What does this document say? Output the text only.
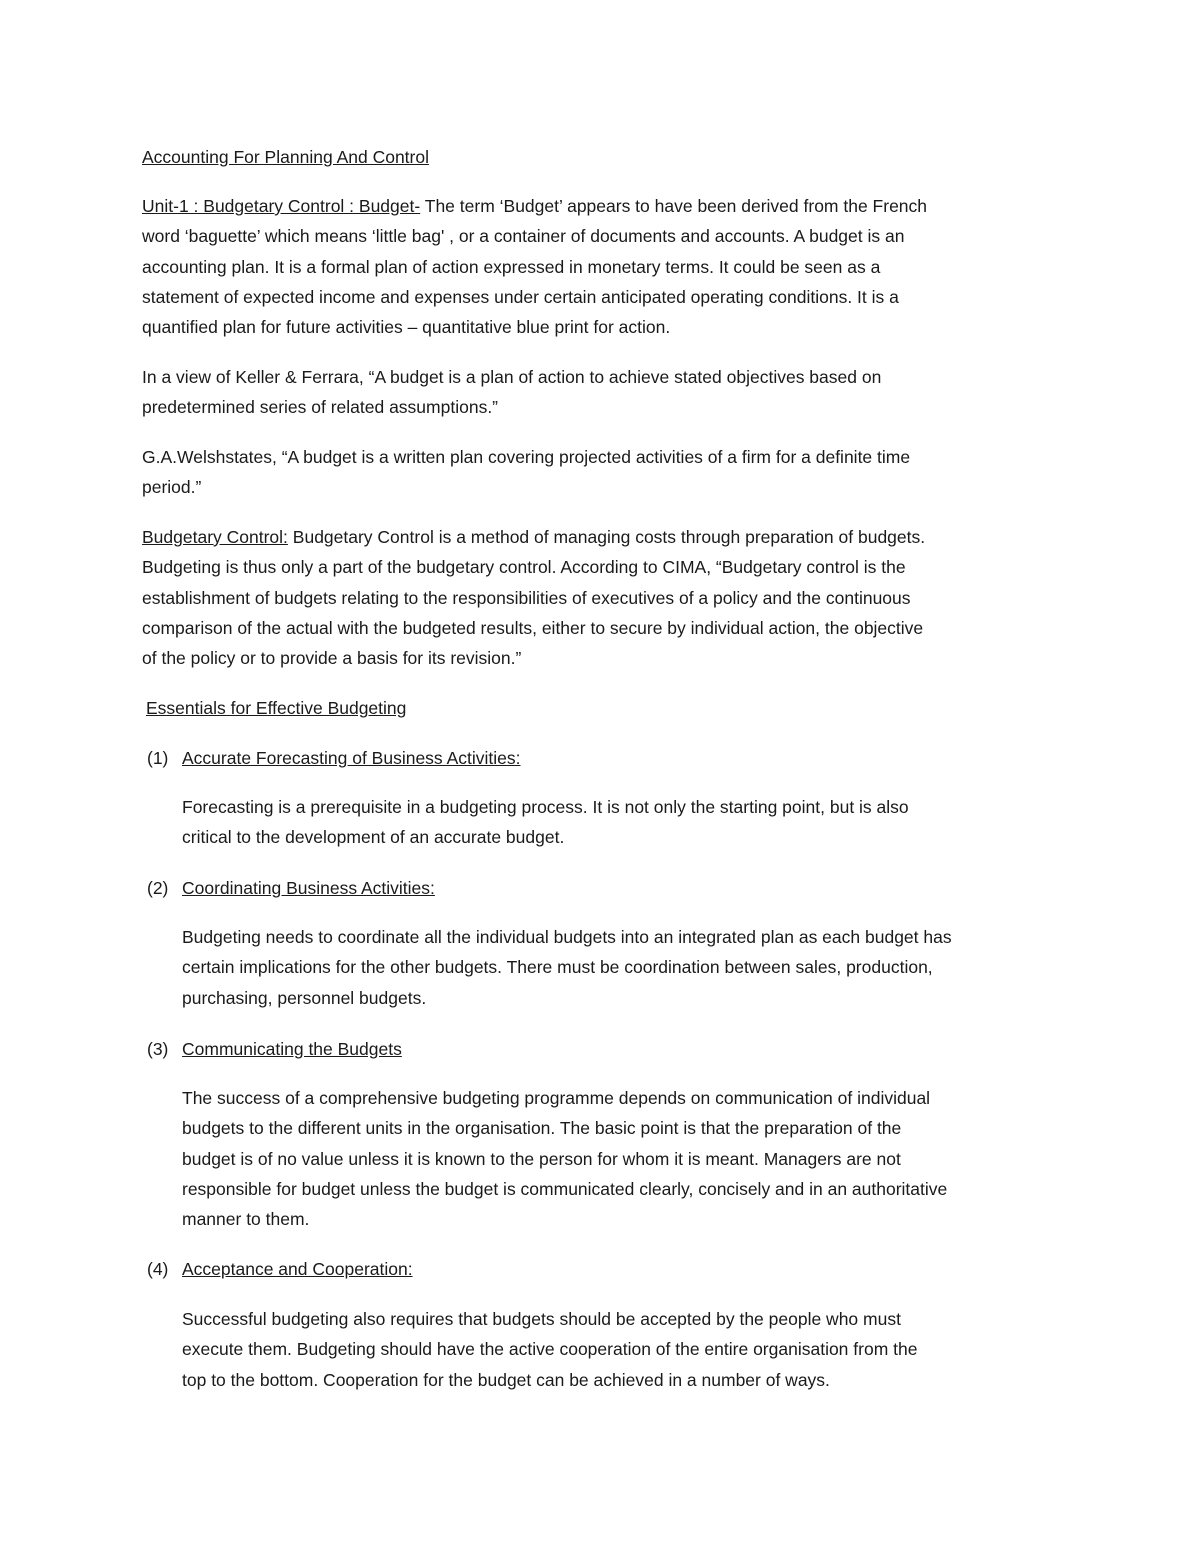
Accounting For Planning And Control
Unit-1 : Budgetary Control : Budget- The term ‘Budget’ appears to have been derived from the French
word ‘baguette’ which means ‘little bag' , or a container of documents and accounts. A budget is an
accounting plan. It is a formal plan of action expressed in monetary terms. It could be seen as a
statement of expected income and expenses under certain anticipated operating conditions. It is a
quantified plan for future activities – quantitative blue print for action.
In a view of Keller & Ferrara, “A budget is a plan of action to achieve stated objectives based on
predetermined series of related assumptions.”
G.A.Welshstates, “A budget is a written plan covering projected activities of a firm for a definite time
period.”
Budgetary Control: Budgetary Control is a method of managing costs through preparation of budgets.
Budgeting is thus only a part of the budgetary control. According to CIMA, “Budgetary control is the
establishment of budgets relating to the responsibilities of executives of a policy and the continuous
comparison of the actual with the budgeted results, either to secure by individual action, the objective
of the policy or to provide a basis for its revision.”
Essentials for Effective Budgeting
(1) Accurate Forecasting of Business Activities:
Forecasting is a prerequisite in a budgeting process. It is not only the starting point, but is also
critical to the development of an accurate budget.
(2) Coordinating Business Activities:
Budgeting needs to coordinate all the individual budgets into an integrated plan as each budget has
certain implications for the other budgets. There must be coordination between sales, production,
purchasing, personnel budgets.
(3) Communicating the Budgets
The success of a comprehensive budgeting programme depends on communication of individual
budgets to the different units in the organisation. The basic point is that the preparation of the
budget is of no value unless it is known to the person for whom it is meant. Managers are not
responsible for budget unless the budget is communicated clearly, concisely and in an authoritative
manner to them.
(4) Acceptance and Cooperation:
Successful budgeting also requires that budgets should be accepted by the people who must
execute them. Budgeting should have the active cooperation of the entire organisation from the
top to the bottom. Cooperation for the budget can be achieved in a number of ways.
